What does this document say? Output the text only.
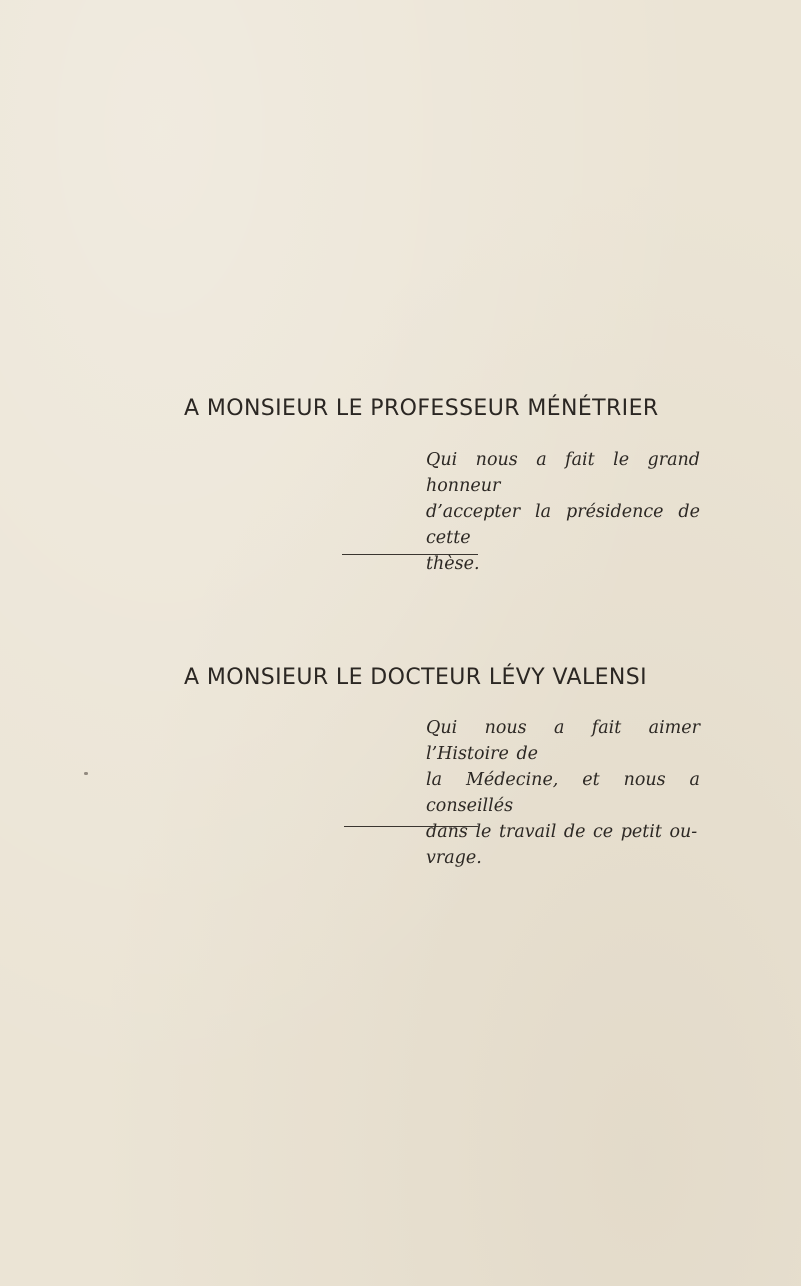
A MONSIEUR LE PROFESSEUR MÉNÉTRIER
Qui nous a fait le grand honneur
d’accepter la présidence de cette
thèse.
A MONSIEUR LE DOCTEUR LÉVY VALENSI
Qui nous a fait aimer l’Histoire de
la Médecine, et nous a conseillés
dans le travail de ce petit ou-
vrage.
